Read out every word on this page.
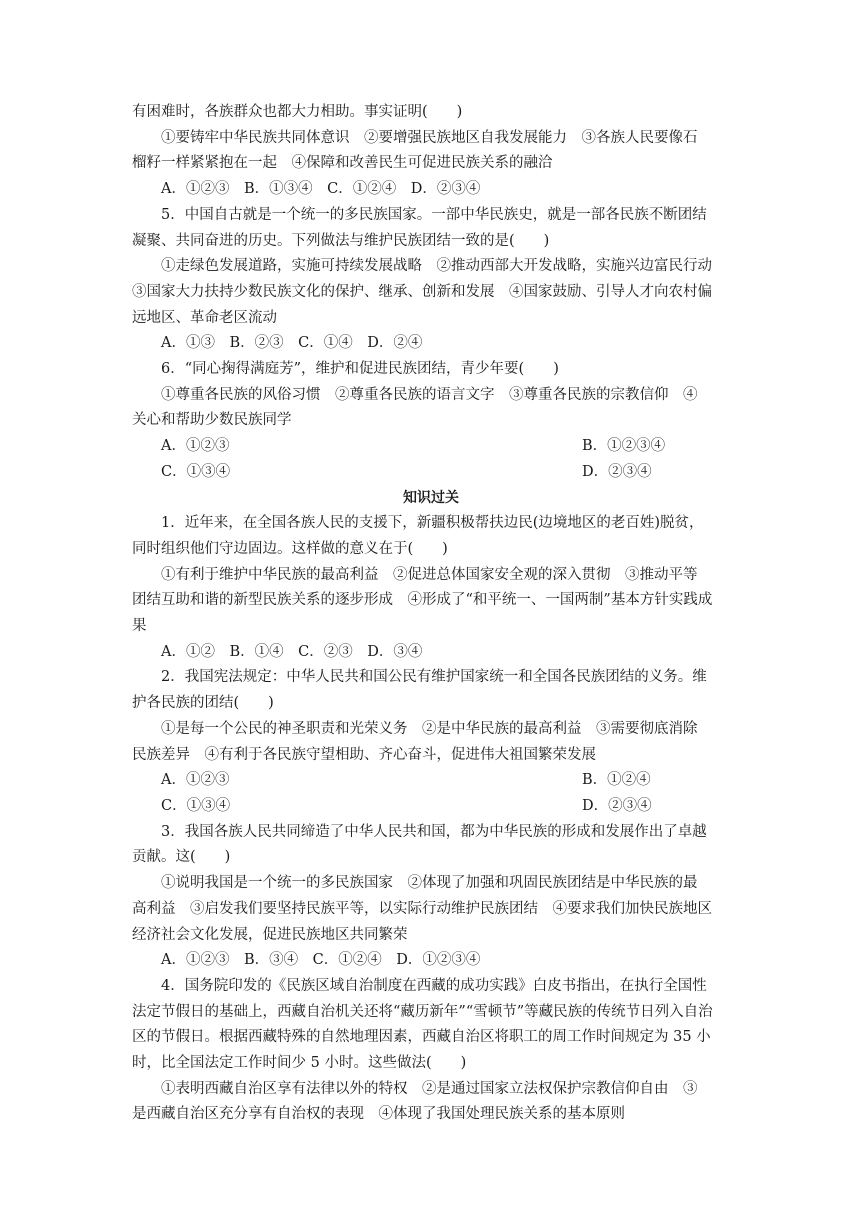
有困难时，各族群众也都大力相助。事实证明(　　)
①要铸牢中华民族共同体意识　②要增强民族地区自我发展能力　③各族人民要像石
榴籽一样紧紧抱在一起　④保障和改善民生可促进民族关系的融洽
A．①②③　B．①③④　C．①②④　D．②③④
5．中国自古就是一个统一的多民族国家。一部中华民族史，就是一部各民族不断团结
凝聚、共同奋进的历史。下列做法与维护民族团结一致的是(　　)
①走绿色发展道路，实施可持续发展战略　②推动西部大开发战略，实施兴边富民行动
③国家大力扶持少数民族文化的保护、继承、创新和发展　④国家鼓励、引导人才向农村偏
远地区、革命老区流动
A．①③　B．②③　C．①④　D．②④
6．“同心掬得满庭芳”，维护和促进民族团结，青少年要(　　)
①尊重各民族的风俗习惯　②尊重各民族的语言文字　③尊重各民族的宗教信仰　④
关心和帮助少数民族同学
A．①②③	B．①②③④
C．①③④	D．②③④
知识过关
1．近年来，在全国各族人民的支援下，新疆积极帮扶边民(边境地区的老百姓)脱贫，
同时组织他们守边固边。这样做的意义在于(　　)
①有利于维护中华民族的最高利益　②促进总体国家安全观的深入贯彻　③推动平等
团结互助和谐的新型民族关系的逐步形成　④形成了“和平统一、一国两制”基本方针实践成
果
A．①②　B．①④　C．②③　D．③④
2．我国宪法规定：中华人民共和国公民有维护国家统一和全国各民族团结的义务。维
护各民族的团结(　　)
①是每一个公民的神圣职责和光荣义务　②是中华民族的最高利益　③需要彻底消除
民族差异　④有利于各民族守望相助、齐心奋斗，促进伟大祖国繁荣发展
A．①②③	B．①②④
C．①③④	D．②③④
3．我国各族人民共同缔造了中华人民共和国，都为中华民族的形成和发展作出了卓越
贡献。这(　　)
①说明我国是一个统一的多民族国家　②体现了加强和巩固民族团结是中华民族的最
高利益　③启发我们要坚持民族平等，以实际行动维护民族团结　④要求我们加快民族地区
经济社会文化发展，促进民族地区共同繁荣
A．①②③　B．③④　C．①②④　D．①②③④
4．国务院印发的《民族区域自治制度在西藏的成功实践》白皮书指出，在执行全国性
法定节假日的基础上，西藏自治机关还将“藏历新年”“雪顿节”等藏民族的传统节日列入自治
区的节假日。根据西藏特殊的自然地理因素，西藏自治区将职工的周工作时间规定为 35 小
时，比全国法定工作时间少 5 小时。这些做法(　　)
①表明西藏自治区享有法律以外的特权　②是通过国家立法权保护宗教信仰自由　③
是西藏自治区充分享有自治权的表现　④体现了我国处理民族关系的基本原则
